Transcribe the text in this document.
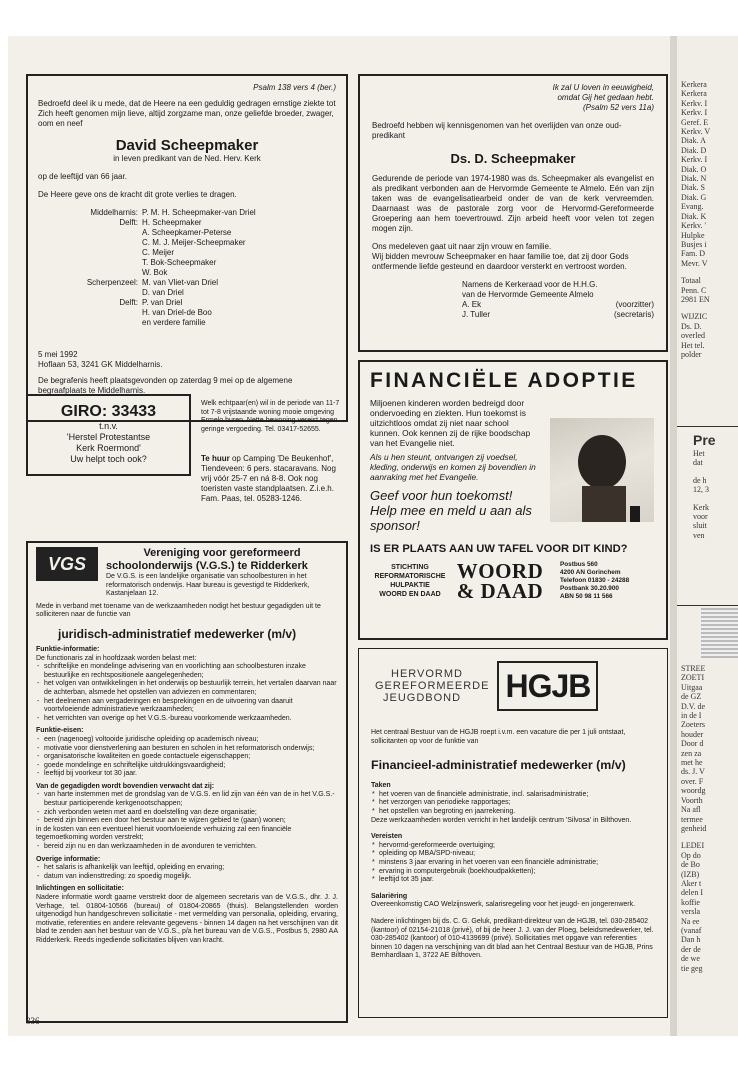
Psalm 138 vers 4 (ber.)
Bedroefd deel ik u mede, dat de Heere na een geduldig gedragen ernstige ziekte tot Zich heeft genomen mijn lieve, altijd zorgzame man, onze geliefde broeder, zwager, oom en neef
David Scheepmaker
in leven predikant van de Ned. Herv. Kerk
op de leeftijd van 66 jaar.
De Heere geve ons de kracht dit grote verlies te dragen.
Middelharnis: P. M. H. Scheepmaker-van Driel
Delft: H. Scheepmaker
A. Scheepkamer-Peterse
C. M. J. Meijer-Scheepmaker
C. Meijer
T. Bok-Scheepmaker
W. Bok
Scherpenzeel: M. van Vliet-van Driel
D. van Driel
Delft: P. van Driel
H. van Driel-de Boo
en verdere familie
5 mei 1992
Hoflaan 53, 3241 GK Middelharnis.
De begrafenis heeft plaatsgevonden op zaterdag 9 mei op de algemene begraafplaats te Middelharnis.
Ik zal U loven in eeuwigheid,
omdat Gij het gedaan hebt.
(Psalm 52 vers 11a)
Bedroefd hebben wij kennisgenomen van het overlijden van onze oud-predikant
Ds. D. Scheepmaker
Gedurende de periode van 1974-1980 was ds. Scheepmaker als evangelist en als predikant verbonden aan de Hervormde Gemeente te Almelo. Eén van zijn taken was de evangelisatiearbeid onder de van de kerk vervreemden. Daarnaast was de pastorale zorg voor de Hervormd-Gereformeerde Groepering aan hem toevertrouwd. Zijn arbeid heeft voor velen tot zegen mogen zijn.
Ons medeleven gaat uit naar zijn vrouw en familie.
Wij bidden mevrouw Scheepmaker en haar familie toe, dat zij door Gods ontfermende liefde gesteund en daardoor versterkt en vertroost worden.
Namens de Kerkeraad voor de H.H.G.
van de Hervormde Gemeente Almelo
A. Ek	(voorzitter)
J. Tuller	(secretaris)
GIRO: 33433
t.n.v.
'Herstel Protestantse
Kerk Roermond'
Uw helpt toch ook?
Welk echtpaar(en) wil in de periode van 11-7 tot 7-8 vrijstaande woning mooie omgeving Ermelo huren. Nette bewoning vereist tegen geringe vergoeding. Tel. 03417-52655.
Te huur op Camping 'De Beukenhof', Tiendeveen: 6 pers. stacaravans. Nog vrij vóór 25-7 en ná 8-8. Ook nog toeristen vaste standplaatsen. Z.i.e.h. Fam. Paas, tel. 05283-1246.
VGS
Vereniging voor gereformeerd
schoolonderwijs (V.G.S.) te Ridderkerk
De V.G.S. is een landelijke organisatie van schoolbesturen in het reformatorisch onderwijs. Haar bureau is gevestigd te Ridderkerk, Kastanjelaan 12.
Mede in verband met toename van de werkzaamheden nodigt het bestuur gegadigden uit te solliciteren naar de functie van
juridisch-administratief medewerker (m/v)
Funktie-informatie:
De functionaris zal in hoofdzaak worden belast met:
- schriftelijke en mondelinge advisering van en voorlichting aan schoolbesturen inzake bestuurlijke en rechtspositionele aangelegenheden;
- het volgen van ontwikkelingen in het onderwijs op bestuurlijk terrein, het vertalen daarvan naar de achterban, alsmede het opstellen van adviezen en commentaren;
- het deelnemen aan vergaderingen en besprekingen en de uitvoering van daaruit voortvloeiende administratieve werkzaamheden;
- het verrichten van overige op het V.G.S.-bureau voorkomende werkzaamheden.
Funktie-eisen:
- een (nagenoeg) voltooide juridische opleiding op academisch niveau;
- motivatie voor dienstverlening aan besturen en scholen in het reformatorisch onderwijs;
- organisatorische kwaliteiten en goede contactuele eigenschappen;
- goede mondelinge en schriftelijke uitdrukkingsvaardigheid;
- leeftijd bij voorkeur tot 30 jaar.
Van de gegadigden wordt bovendien verwacht dat zij:
- van harte instemmen met de grondslag van de V.G.S. en lid zijn van één van de in het V.G.S.-bestuur participerende kerkgenootschappen;
- zich verbonden weten met aard en doelstelling van deze organisatie;
- bereid zijn binnen een door het bestuur aan te wijzen gebied te (gaan) wonen;
in de kosten van een eventueel hieruit voortvloeiende verhuizing zal een financiële tegemoetkoming worden verstrekt;
- bereid zijn nu en dan werkzaamheden in de avonduren te verrichten.
Overige informatie:
- het salaris is afhankelijk van leeftijd, opleiding en ervaring;
- datum van indiensttreding: zo spoedig mogelijk.
Inlichtingen en sollicitatie:
Nadere informatie wordt gaarne verstrekt door de algemeen secretaris van de V.G.S., dhr. J. J. Verhage, tel. 01804-10566 (bureau) of 01804-20865 (thuis). Belangstellenden worden uitgenodigd hun handgeschreven sollicitatie - met vermelding van personalia, opleiding, ervaring, motivatie, referenties en andere relevante gegevens - binnen 14 dagen na het verschijnen van dit blad te zenden aan het bestuur van de V.G.S., p/a het bureau van de V.G.S., Postbus 5, 2980 AA Ridderkerk. Reeds ingediende sollicitaties blijven van kracht.
FINANCIËLE ADOPTIE
Miljoenen kinderen worden bedreigd door ondervoeding en ziekten. Hun toekomst is uitzichtloos omdat zij niet naar school kunnen. Ook kennen zij de rijke boodschap van het Evangelie niet.
Als u hen steunt, ontvangen zij voedsel, kleding, onderwijs en komen zij bovendien in aanraking met het Evangelie.
Geef voor hun toekomst! Help mee en meld u aan als sponsor!
IS ER PLAATS AAN UW TAFEL VOOR DIT KIND?
STICHTING
REFORMATORISCHE
HULPAKTIE
WOORD EN DAAD
WOORD
& DAAD
Postbus 560
4200 AN Gorinchem
Telefoon 01830 - 24288
Postbank 30.20.900
ABN 50 98 11 566
HERVORMD
GEREFORMEERDE
JEUGDBOND	HGJB
Het centraal Bestuur van de HGJB roept i.v.m. een vacature die per 1 juli ontstaat, sollicitanten op voor de funktie van
Financieel-administratief medewerker (m/v)
Taken
* het voeren van de financiële administratie, incl. salarisadministratie;
* het verzorgen van periodieke rapportages;
* het opstellen van begroting en jaarrekening.
Deze werkzaamheden worden verricht in het landelijk centrum 'Silvosa' in Bilthoven.
Vereisten
* hervormd-gereformeerde overtuiging;
* opleiding op MBA/SPD-niveau;
* minstens 3 jaar ervaring in het voeren van een financiële administratie;
* ervaring in computergebruik (boekhoudpakketten);
* leeftijd tot 35 jaar.
Salariëring
Overeenkomstig CAO Welzijnswerk, salarisregeling voor het jeugd- en jongerenwerk.
Nadere inlichtingen bij ds. C. G. Geluk, predikant-direkteur van de HGJB, tel. 030-285402 (kantoor) of 02154-21018 (privé), of bij de heer J. J. van der Ploeg, beleidsmedewerker, tel. 030-285402 (kantoor) of 010-4139699 (privé). Sollicitaties met opgave van referenties binnen 10 dagen na verschijning van dit blad aan het Centraal Bestuur van de HGJB, Prins Bernhardlaan 1, 3722 AE Bilthoven.
336
Kerkera
Kerkera
Kerkv. I
Kerkv. I
Geref. E
Kerkv. V
Diak. A
Diak. D
Kerkv. I
Diak. O
Diak. N
Diak. S
Diak. G
Evang.
Diak. K
Kerkv. '
Hulpke
Busjes i
Fam. D
Mevr. V
Totaal
Penn. C
2981 EN
WIJZIC
Ds. D.
overled
Het tel.
polder
Pre
Het
dat
de h
12, 3
Kerk
voor
sluit
ven
STREE
ZOETI
Uitgaa
de GZ
D.V. de
in de I
Zoeters
houder
Door d
zen za
met he
ds. J. V
over. F
woordg
Voorth
Na afl
termee
genheid
LEDEI
Op do
de Bo
(IZB)
Aker t
delen I
koffie
versla
Na ee
(vanaf
Dan h
der de
de we
tie geg
